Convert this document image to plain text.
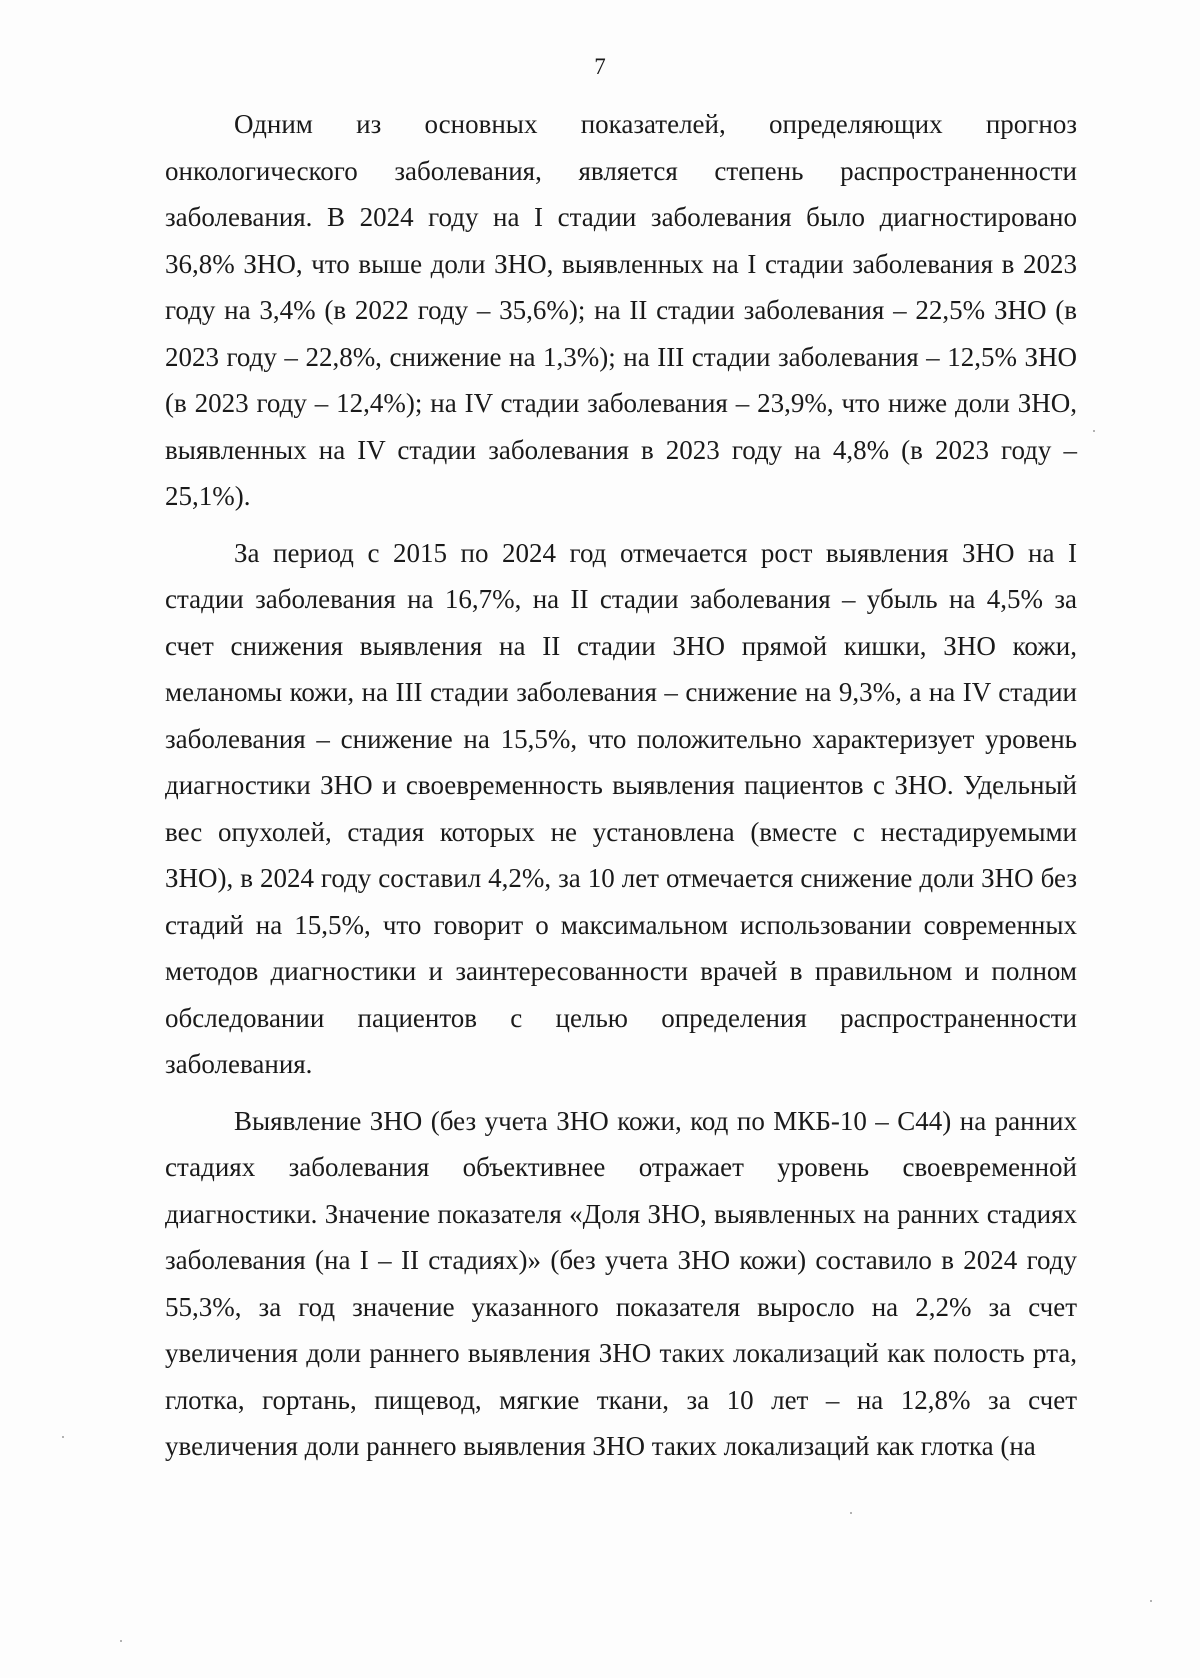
7

Одним из основных показателей, определяющих прогноз онкологического заболевания, является степень распространенности заболевания. В 2024 году на I стадии заболевания было диагностировано 36,8% ЗНО, что выше доли ЗНО, выявленных на I стадии заболевания в 2023 году на 3,4% (в 2022 году – 35,6%); на II стадии заболевания – 22,5% ЗНО (в 2023 году – 22,8%, снижение на 1,3%); на III стадии заболевания – 12,5% ЗНО (в 2023 году – 12,4%); на IV стадии заболевания – 23,9%, что ниже доли ЗНО, выявленных на IV стадии заболевания в 2023 году на 4,8% (в 2023 году – 25,1%).

За период с 2015 по 2024 год отмечается рост выявления ЗНО на I стадии заболевания на 16,7%, на II стадии заболевания – убыль на 4,5% за счет снижения выявления на II стадии ЗНО прямой кишки, ЗНО кожи, меланомы кожи, на III стадии заболевания – снижение на 9,3%, а на IV стадии заболевания – снижение на 15,5%, что положительно характеризует уровень диагностики ЗНО и своевременность выявления пациентов с ЗНО. Удельный вес опухолей, стадия которых не установлена (вместе с нестадируемыми ЗНО), в 2024 году составил 4,2%, за 10 лет отмечается снижение доли ЗНО без стадий на 15,5%, что говорит о максимальном использовании современных методов диагностики и заинтересованности врачей в правильном и полном обследовании пациентов с целью определения распространенности заболевания.

Выявление ЗНО (без учета ЗНО кожи, код по МКБ-10 – С44) на ранних стадиях заболевания объективнее отражает уровень своевременной диагностики. Значение показателя «Доля ЗНО, выявленных на ранних стадиях заболевания (на I – II стадиях)» (без учета ЗНО кожи) составило в 2024 году 55,3%, за год значение указанного показателя выросло на 2,2% за счет увеличения доли раннего выявления ЗНО таких локализаций как полость рта, глотка, гортань, пищевод, мягкие ткани, за 10 лет – на 12,8% за счет увеличения доли раннего выявления ЗНО таких локализаций как глотка (на
